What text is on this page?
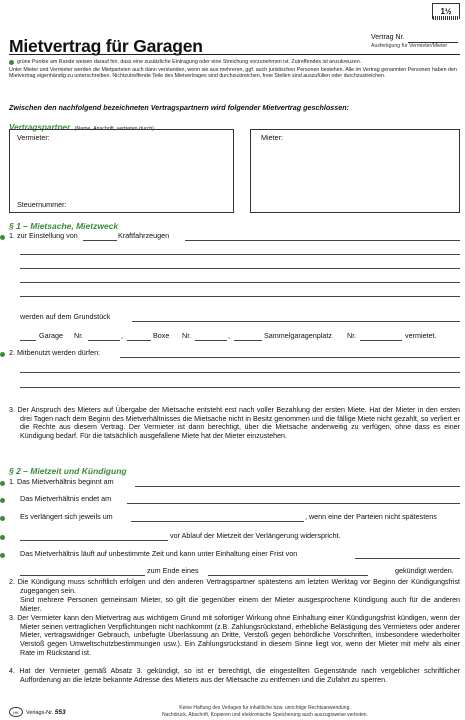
1½
Mietvertrag für Garagen	Vertrag Nr.
Ausfertigung für Vermieter/Mieter
grüne Punkte am Rande weisen darauf hin, dass eine zusätzliche Eintragung oder eine Streichung vorzunehmen ist. Zutreffendes ist anzukreuzen.
Unter Mieter und Vermieter werden die Mietparteien auch dann verstanden, wenn sie aus mehreren, ggf. auch juristischen Personen bestehen. Alle im Vertrag genannten Personen haben den Mietvertrag eigenhändig zu unterschreiben. Nichtzutreffende Teile des Mietvertrages sind durchzustreichen, freie Stellen sind auszufüllen oder durchzustreichen.
Zwischen den nachfolgend bezeichneten Vertragspartnern wird folgender Mietvertrag geschlossen:
Vertragspartner (Name, Anschrift, vertreten durch)
Vermieter:
Steuernummer:
Mieter:
§ 1 – Mietsache, Mietzweck
1. zur Einstellung von	Kraftfahrzeugen
werden auf dem Grundstück
Garage Nr.	,	Boxe Nr.	,	Sammelgaragenplatz Nr.	vermietet.
2. Mitbenutzt werden dürfen:
3. Der Anspruch des Mieters auf Übergabe der Mietsache entsteht erst nach voller Bezahlung der ersten Miete. Hat der Mieter in den ersten drei Tagen nach dem Beginn des Mietverhältnisses die Mietsache nicht in Besitz genommen und die fällige Miete nicht gezahlt, so verliert er die Rechte aus diesem Vertrag. Der Vermieter ist dann berechtigt, über die Mietsache anderweitig zu verfügen, ohne dass es einer Kündigung bedarf. Für die tatsächlich ausgefallene Miete hat der Mieter einzustehen.
§ 2 – Mietzeit und Kündigung
1. Das Mietverhältnis beginnt am
Das Mietverhältnis endet am
Es verlängert sich jeweils um	, wenn eine der Parteien nicht spätestens
vor Ablauf der Mietzeit der Verlängerung widerspricht.
Das Mietverhältnis läuft auf unbestimmte Zeit und kann unter Einhaltung einer Frist von
zum Ende eines	gekündigt werden.
2. Die Kündigung muss schriftlich erfolgen und den anderen Vertragspartner spätestens am letzten Werktag vor Beginn der Kündigungsfrist zugegangen sein.
Sind mehrere Personen gemeinsam Mieter, so gilt die gegenüber einem der Mieter ausgesprochene Kündigung auch für die anderen Mieter.
3. Der Vermieter kann den Mietvertrag aus wichtigem Grund mit sofortiger Wirkung ohne Einhaltung einer Kündigungsfrist kündigen, wenn der Mieter seinen vertraglichen Verpflichtungen nicht nachkommt (z.B. Zahlungsrückstand, erhebliche Belästigung des Vermieters oder anderer Mieter, vertragswidriger Gebrauch, unbefugte Überlassung an Dritte, Verstoß gegen behördliche Vorschriften, insbesondere wiederholter Verstoß gegen Umweltschutzbestimmungen usw.). Ein Zahlungsrückstand in diesem Sinne liegt vor, wenn der Mieter mit mehr als einer Rate im Rückstand ist.
4. Hat der Vermieter gemäß Absatz 3. gekündigt, so ist er berechtigt, die eingestellten Gegenstände nach vergeblicher schriftlicher Aufforderung an die letzte bekannte Adresse des Mieters aus der Mietsache zu entfernen und die Zufahrt zu sperren.
HK	Verlags-Nr. 553
Keine Haftung des Verlages für inhaltliche bzw. unrichtige Rechtsanwendung.
Nachdruck, Abschrift, Kopieren und elektronische Speicherung auch auszugsweise verboten.
